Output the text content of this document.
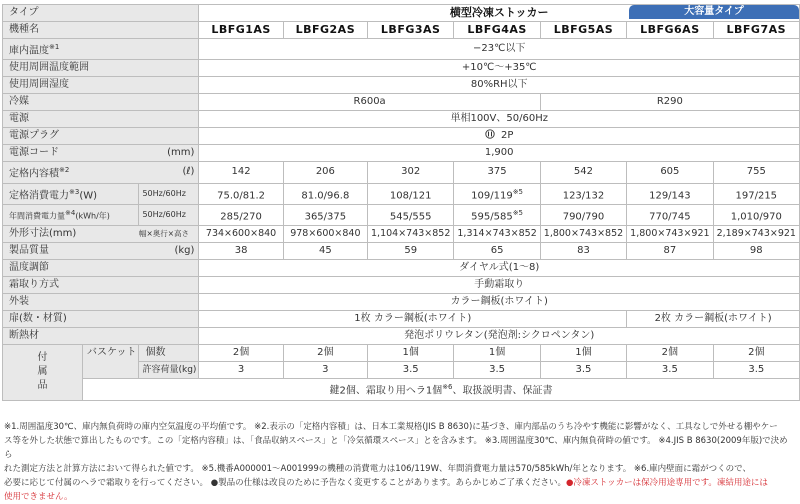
タイプ			横型冷凍ストッカー 大容量タイプ						

機種名			LBFG1AS	LBFG2AS	LBFG3AS	LBFG4AS	LBFG5AS	LBFG6AS	LBFG7AS
庫内温度$^{※1}$			−23℃以下						
使用周囲温度範囲			+10℃〜+35℃						
使用周囲湿度			80%RH以下						
冷媒			R600a				R290		
電源			単相100V、50/60Hz						
電源プラグ			2P						
電源コード		(mm)	1,900						
定格内容積$^{※2}$		(ℓ)	142	206	302	375	542	605	755
定格消費電力$^{※3}$(W)		50Hz/60Hz	75.0/81.2	81.0/96.8	108/121	109/119$^{※5}$	123/132	129/143	197/215
年間消費電力量$^{※4}$(kWh/年)		50Hz/60Hz	285/270	365/375	545/555	595/585$^{※5}$	790/790	770/745	1,010/970
外形寸法(mm)		幅×奥行×高さ	734×600×840	978×600×840	1,104×743×852	1,314×743×852	1,800×743×852	1,800×743×921	2,189×743×921
製品質量		(kg)	38	45	59	65	83	87	98
温度調節			ダイヤル式(1〜8)						
霜取り方式			手動霜取り						
外装			カラー鋼板(ホワイト)						
扉(数・材質)			1枚 カラー鋼板(ホワイト)					2枚 カラー鋼板(ホワイト)	
断熱材			発泡ポリウレタン(発泡剤:シクロペンタン)						

付属品	バスケット	個数	2個	2個	1個	1個	1個	2個	2個
		許容荷量(kg)	3	3	3.5	3.5	3.5	3.5	3.5
	鍵2個、霜取り用ヘラ1個$^{※6}$、取扱説明書、保証書								
※1.周囲温度30℃、庫内無負荷時の庫内空気温度の平均値です。 ※2.表示の「定格内容積」は、日本工業規格(JIS B 8630)に基づき、庫内部品のうち冷やす機能に影響がなく、工具なしで外せる棚やケー
ス等を外した状態で算出したものです。この「定格内容積」は、「食品収納スペース」と「冷気循環スペース」とを含みます。 ※3.周囲温度30℃、庫内無負荷時の値です。 ※4.JIS B 8630(2009年版)で決めら
れた測定方法と計算方法において得られた値です。 ※5.機番A000001〜A001999の機種の消費電力は106/119W、年間消費電力量は570/585kWh/年となります。 ※6.庫内壁面に霜がつくので、
必要に応じて付属のヘラで霜取りを行ってください。 ●製品の仕様は改良のために予告なく変更することがあります。あらかじめご了承ください。●冷凍ストッカーは保冷用途専用です。凍結用途には
使用できません。
